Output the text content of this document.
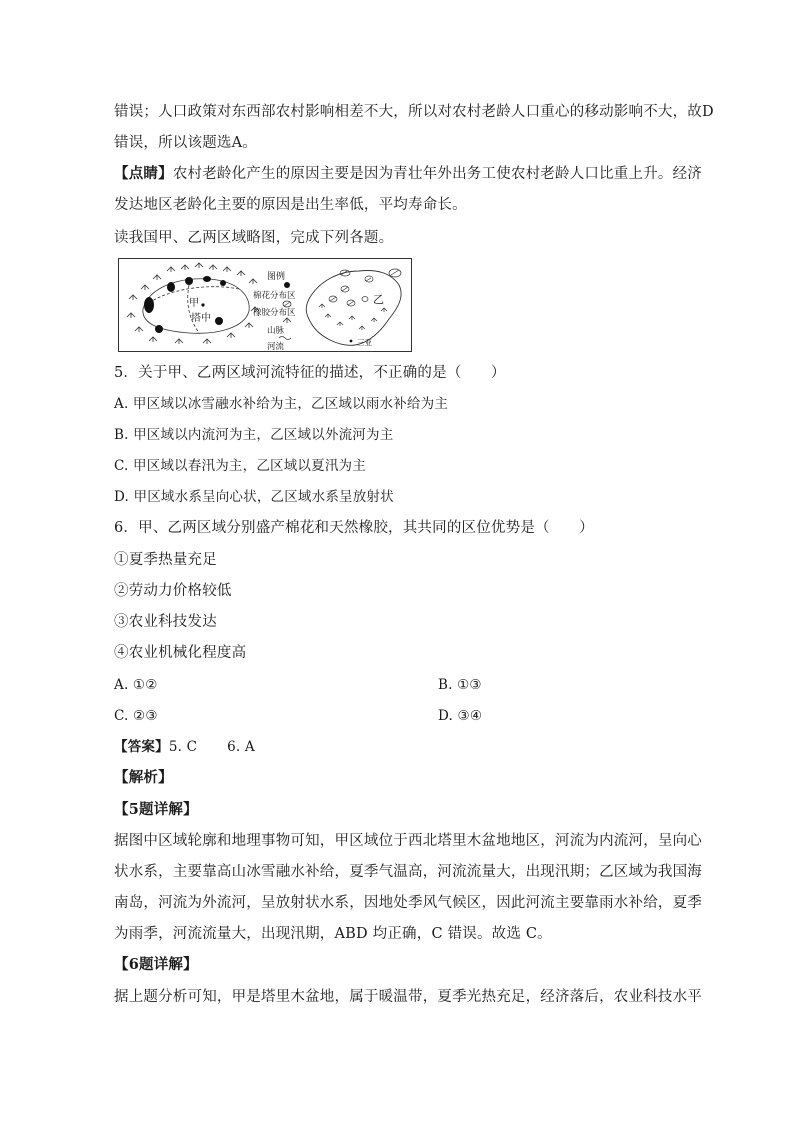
错误；人口政策对东西部农村影响相差不大，所以对农村老龄人口重心的移动影响不大，故D
错误，所以该题选A。
【点睛】农村老龄化产生的原因主要是因为青壮年外出务工使农村老龄人口比重上升。经济
发达地区老龄化主要的原因是出生率低，平均寿命长。
读我国甲、乙两区域略图，完成下列各题。
甲
塔中
图例
棉花分布区
橡胶分布区
山脉
河流
乙
三亚
5．关于甲、乙两区域河流特征的描述，不正确的是（　　）
A. 甲区域以冰雪融水补给为主，乙区域以雨水补给为主
B. 甲区域以内流河为主，乙区域以外流河为主
C. 甲区域以春汛为主，乙区域以夏汛为主
D. 甲区域水系呈向心状，乙区域水系呈放射状
6．甲、乙两区域分别盛产棉花和天然橡胶，其共同的区位优势是（　　）
①夏季热量充足
②劳动力价格较低
③农业科技发达
④农业机械化程度高
A. ①②	B. ①③
C. ②③	D. ③④
【答案】5. C 6. A
【解析】
【5题详解】
据图中区域轮廓和地理事物可知，甲区域位于西北塔里木盆地地区，河流为内流河，呈向心
状水系，主要靠高山冰雪融水补给，夏季气温高，河流流量大，出现汛期；乙区域为我国海
南岛，河流为外流河，呈放射状水系，因地处季风气候区，因此河流主要靠雨水补给，夏季
为雨季，河流流量大，出现汛期，ABD 均正确，C 错误。故选 C。
【6题详解】
据上题分析可知，甲是塔里木盆地，属于暖温带，夏季光热充足，经济落后，农业科技水平
